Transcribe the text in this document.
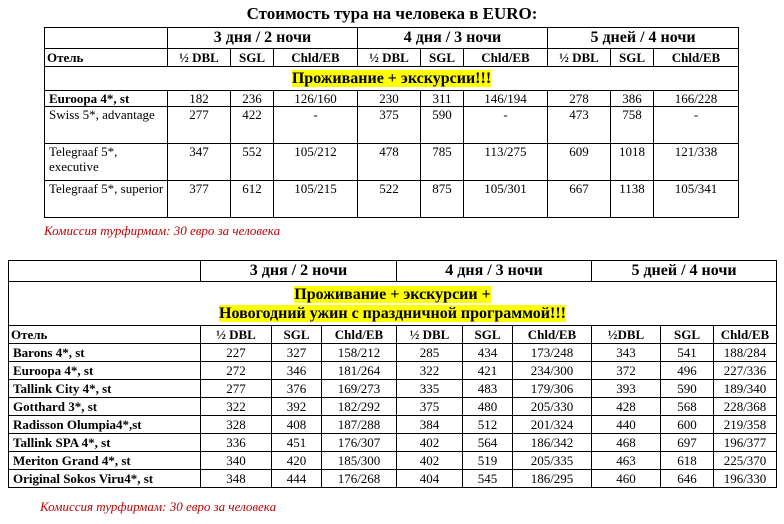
Стоимость тура на человека в EURO:
	3 дня / 2 ночи			4 дня / 3 ночи			5 дней / 4 ночи		
Отель	½ DBL	SGL	Chld/EB	½ DBL	SGL	Chld/EB	½ DBL	SGL	Chld/EB
Проживание + экскурсии!!!									
Euroopa 4*, st	182	236	126/160	230	311	146/194	278	386	166/228
Swiss 5*, advantage	277	422	-	375	590	-	473	758	-
Telegraaf 5*, executive	347	552	105/212	478	785	113/275	609	1018	121/338
Telegraaf 5*, superior	377	612	105/215	522	875	105/301	667	1138	105/341
Комиссия турфирмам: 30 евро за человека
	3 дня / 2 ночи			4 дня / 3 ночи			5 дней / 4 ночи		
Проживание + экскурсии +
Новогодний ужин с праздничной программой!!!									
Отель	½ DBL	SGL	Chld/EB	½ DBL	SGL	Chld/EB	½DBL	SGL	Chld/EB
Barons 4*, st	227	327	158/212	285	434	173/248	343	541	188/284
Euroopa 4*, st	272	346	181/264	322	421	234/300	372	496	227/336
Tallink City 4*, st	277	376	169/273	335	483	179/306	393	590	189/340
Gotthard 3*, st	322	392	182/292	375	480	205/330	428	568	228/368
Radisson Olumpia4*,st	328	408	187/288	384	512	201/324	440	600	219/358
Tallink SPA 4*, st	336	451	176/307	402	564	186/342	468	697	196/377
Meriton Grand 4*, st	340	420	185/300	402	519	205/335	463	618	225/370
Original Sokos Viru4*, st	348	444	176/268	404	545	186/295	460	646	196/330
Комиссия турфирмам: 30 евро за человека
